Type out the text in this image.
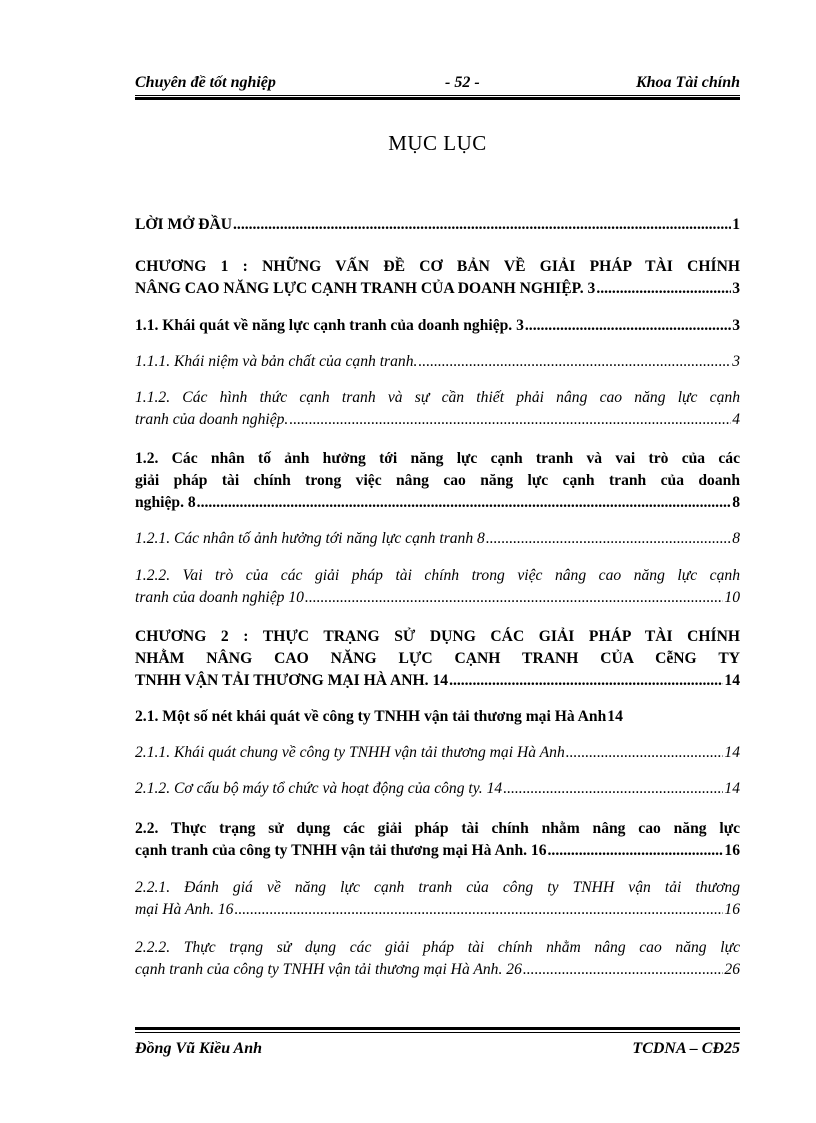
Chuyên đề tốt nghiệp	- 52 -	Khoa Tài chính
MỤC LỤC
LỜI MỞ ĐẦU .....	1
CHƯƠNG 1 : NHỮNG VẤN ĐỀ CƠ BẢN VỀ GIẢI PHÁP TÀI CHÍNH
NÂNG CAO NĂNG LỰC CẠNH TRANH CỦA DOANH NGHIỆP. 3 .....	3
1.1. Khái quát về năng lực cạnh tranh của doanh nghiệp. 3 .....	3
1.1.1. Khái niệm và bản chất của cạnh tranh. .....	3
1.1.2. Các hình thức cạnh tranh và sự cần thiết phải nâng cao năng lực cạnh
tranh của doanh nghiệp. .....	4
1.2. Các nhân tố ảnh hưởng tới năng lực cạnh tranh và vai trò của các
giải pháp tài chính trong việc nâng cao năng lực cạnh tranh của doanh
nghiệp. 8 .....	8
1.2.1. Các nhân tố ảnh hưởng tới năng lực cạnh tranh 8 .....	8
1.2.2. Vai trò của các giải pháp tài chính trong việc nâng cao năng lực cạnh
tranh của doanh nghiệp 10 .....	10
CHƯƠNG 2 : THỰC TRẠNG SỬ DỤNG CÁC GIẢI PHÁP TÀI CHÍNH
NHẰM NÂNG CAO NĂNG LỰC CẠNH TRANH CỦA CễNG TY
TNHH VẬN TẢI THƯƠNG MẠI HÀ ANH. 14 .....	14
2.1. Một số nét khái quát về công ty TNHH vận tải thương mại Hà Anh 14
2.1.1. Khái quát chung về công ty TNHH vận tải thương mại Hà Anh .....	14
2.1.2. Cơ cấu bộ máy tổ chức và hoạt động của công ty. 14 .....	14
2.2. Thực trạng sử dụng các giải pháp tài chính nhằm nâng cao năng lực
cạnh tranh của công ty TNHH vận tải thương mại Hà Anh. 16 .....	16
2.2.1. Đánh giá về năng lực cạnh tranh của công ty TNHH vận tải thương
mại Hà Anh. 16 .....	16
2.2.2. Thực trạng sử dụng các giải pháp tài chính nhằm nâng cao năng lực
cạnh tranh của công ty TNHH vận tải thương mại Hà Anh. 26 .....	26
Đồng Vũ Kiều Anh	TCDNA – CĐ25
